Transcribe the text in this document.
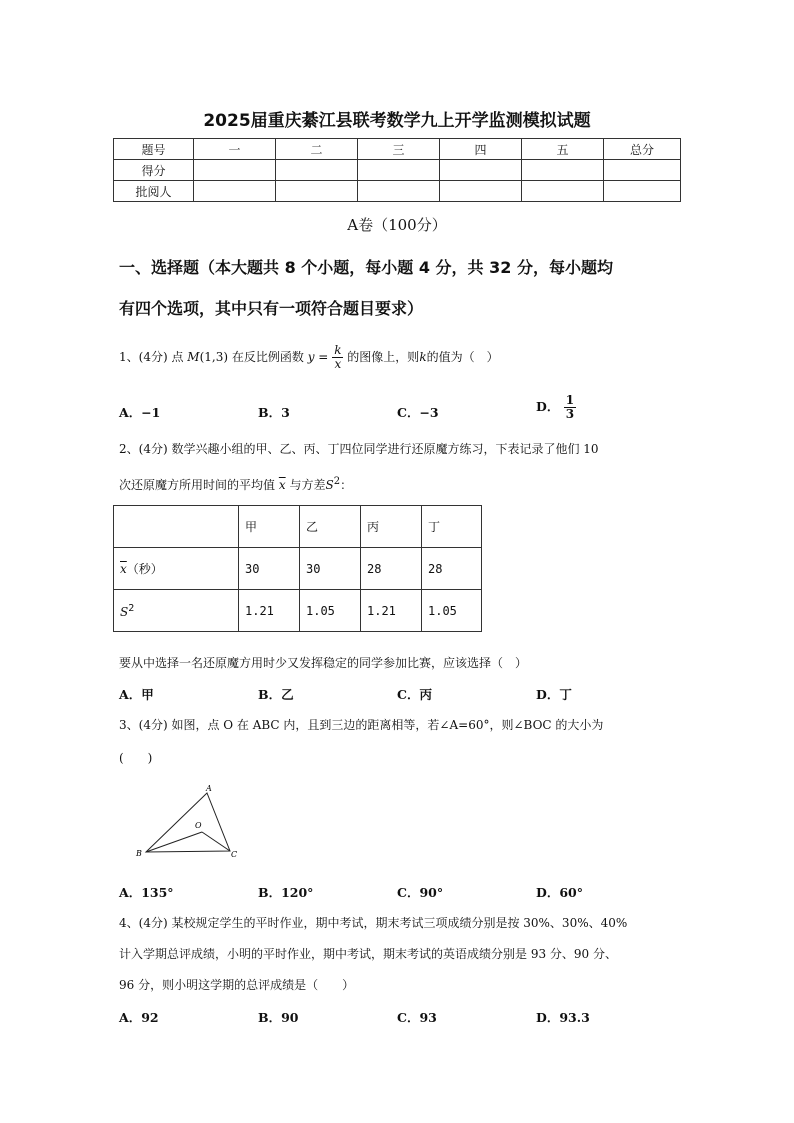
2025届重庆綦江县联考数学九上开学监测模拟试题
题号	一	二	三	四	五	总分
得分						
批阅人						
A卷（100分）
一、选择题（本大题共 8 个小题，每小题 4 分，共 32 分，每小题均
有四个选项，其中只有一项符合题目要求）
1、(4分) 点 M(1,3) 在反比例函数 $y = \frac{k}{x}$ 的图像上，则k的值为（　）
A．−1	B．3	C．−3	D． $\frac{1}{3}$
2、(4分) 数学兴趣小组的甲、乙、丙、丁四位同学进行还原魔方练习，下表记录了他们 10
次还原魔方所用时间的平均值 $\overline{x}$ 与方差$S^2$：
	甲	乙	丙	丁
$\overline{x}$（秒）	30	30	28	28
$S^2$	1.21	1.05	1.21	1.05
要从中选择一名还原魔方用时少又发挥稳定的同学参加比赛，应该选择（　）
A．甲	B．乙	C．丙	D．丁
3、(4分) 如图，点 O 在 ABC 内，且到三边的距离相等，若∠A=60°，则∠BOC 的大小为
(　　)
A
B	C
O
A．135°	B．120°	C．90°	D．60°
4、(4分) 某校规定学生的平时作业，期中考试，期末考试三项成绩分别是按 30%、30%、40%
计入学期总评成绩，小明的平时作业，期中考试，期末考试的英语成绩分别是 93 分、90 分、
96 分，则小明这学期的总评成绩是（　　）
A．92	B．90	C．93	D．93.3
